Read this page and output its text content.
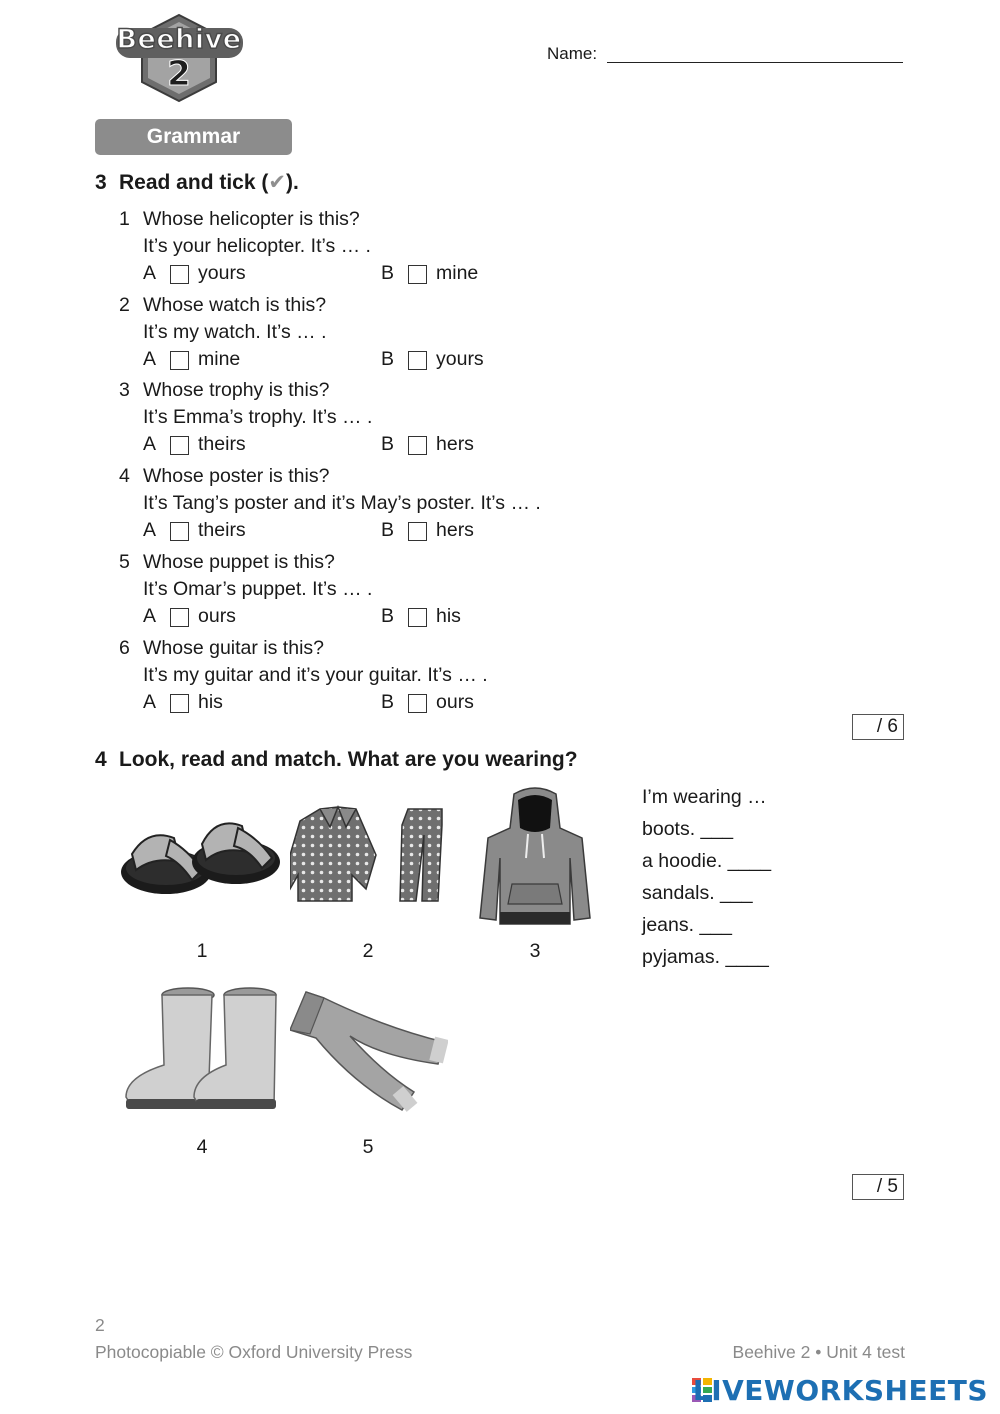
Beehive
2
Name:
Grammar
3 Read and tick (✔).
1 Whose helicopter is this?
It’s your helicopter. It’s … .
A yours	B mine
2 Whose watch is this?
It’s my watch. It’s … .
A mine	B yours
3 Whose trophy is this?
It’s Emma’s trophy. It’s … .
A theirs	B hers
4 Whose poster is this?
It’s Tang’s poster and it’s May’s poster. It’s … .
A theirs	B hers
5 Whose puppet is this?
It’s Omar’s puppet. It’s … .
A ours	B his
6 Whose guitar is this?
It’s my guitar and it’s your guitar. It’s … .
A his	B ours
/ 6
4 Look, read and match. What are you wearing?
1	2	3
4	5
I’m wearing …
boots. ___
a hoodie. ____
sandals. ___
jeans. ___
pyjamas. ____
/ 5
2
Photocopiable © Oxford University Press	Beehive 2 • Unit 4 test
LIVEWORKSHEETS
